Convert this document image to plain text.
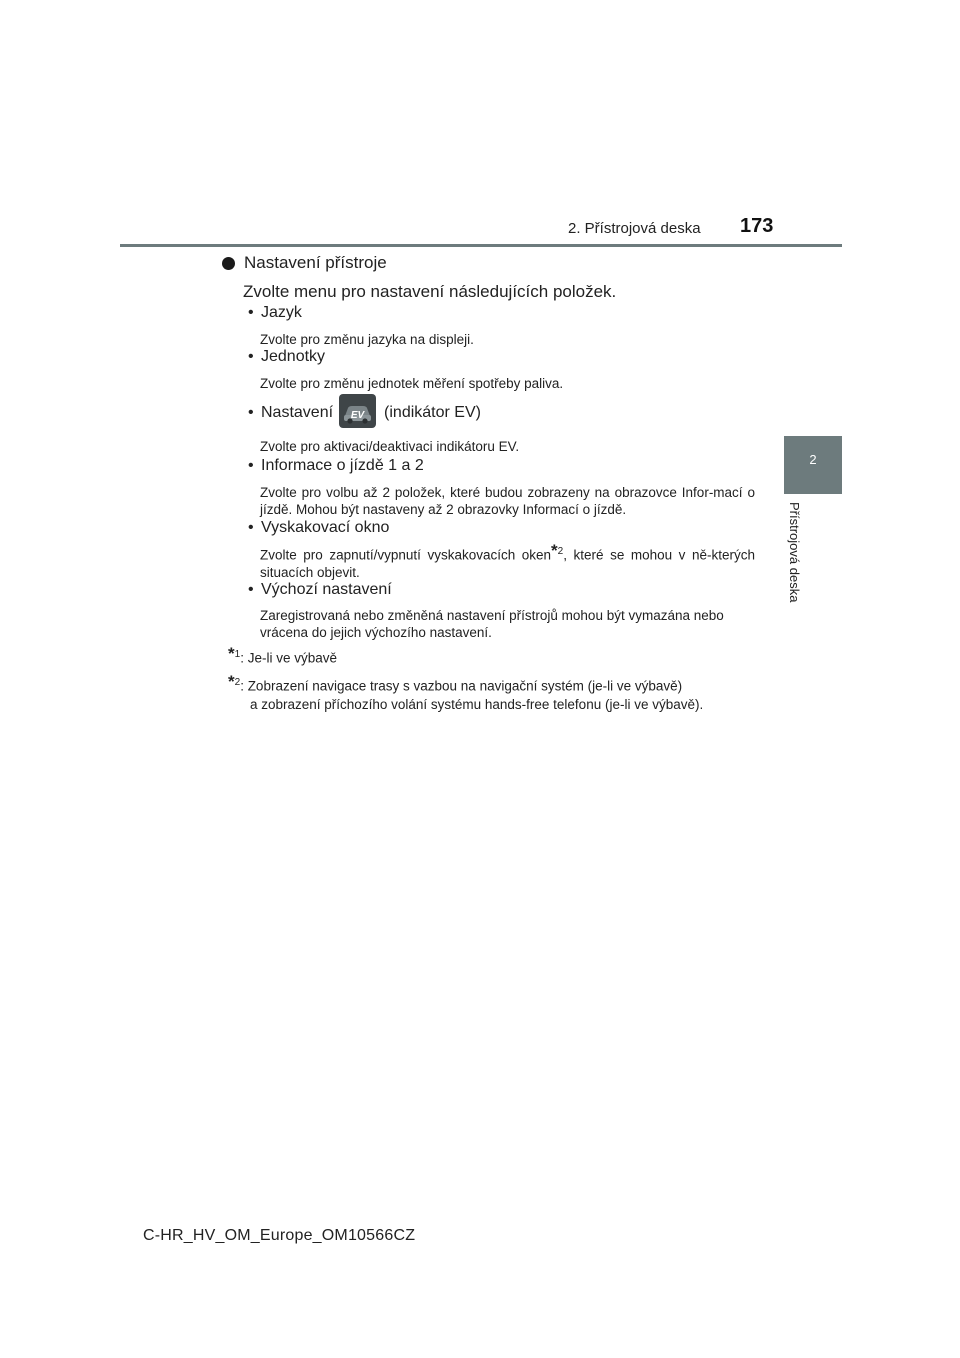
2. Přístrojová deska 173
2
Přístrojová deska
Nastavení přístroje
Zvolte menu pro nastavení následujících položek.
• Jazyk
Zvolte pro změnu jazyka na displeji.
• Jednotky
Zvolte pro změnu jednotek měření spotřeby paliva.
• Nastavení EV (indikátor EV)
Zvolte pro aktivaci/deaktivaci indikátoru EV.
• Informace o jízdě 1 a 2
Zvolte pro volbu až 2 položek, které budou zobrazeny na obrazovce Infor-mací o jízdě. Mohou být nastaveny až 2 obrazovky Informací o jízdě.
• Vyskakovací okno
Zvolte pro zapnutí/vypnutí vyskakovacích oken*$^2$, které se mohou v ně-kterých situacích objevit.
• Výchozí nastavení
Zaregistrovaná nebo změněná nastavení přístrojů mohou být vymazána nebo vrácena do jejich výchozího nastavení.
*$^1$: Je-li ve výbavě
*$^2$: Zobrazení navigace trasy s vazbou na navigační systém (je-li ve výbavě)
a zobrazení příchozího volání systému hands-free telefonu (je-li ve výbavě).
C-HR_HV_OM_Europe_OM10566CZ
